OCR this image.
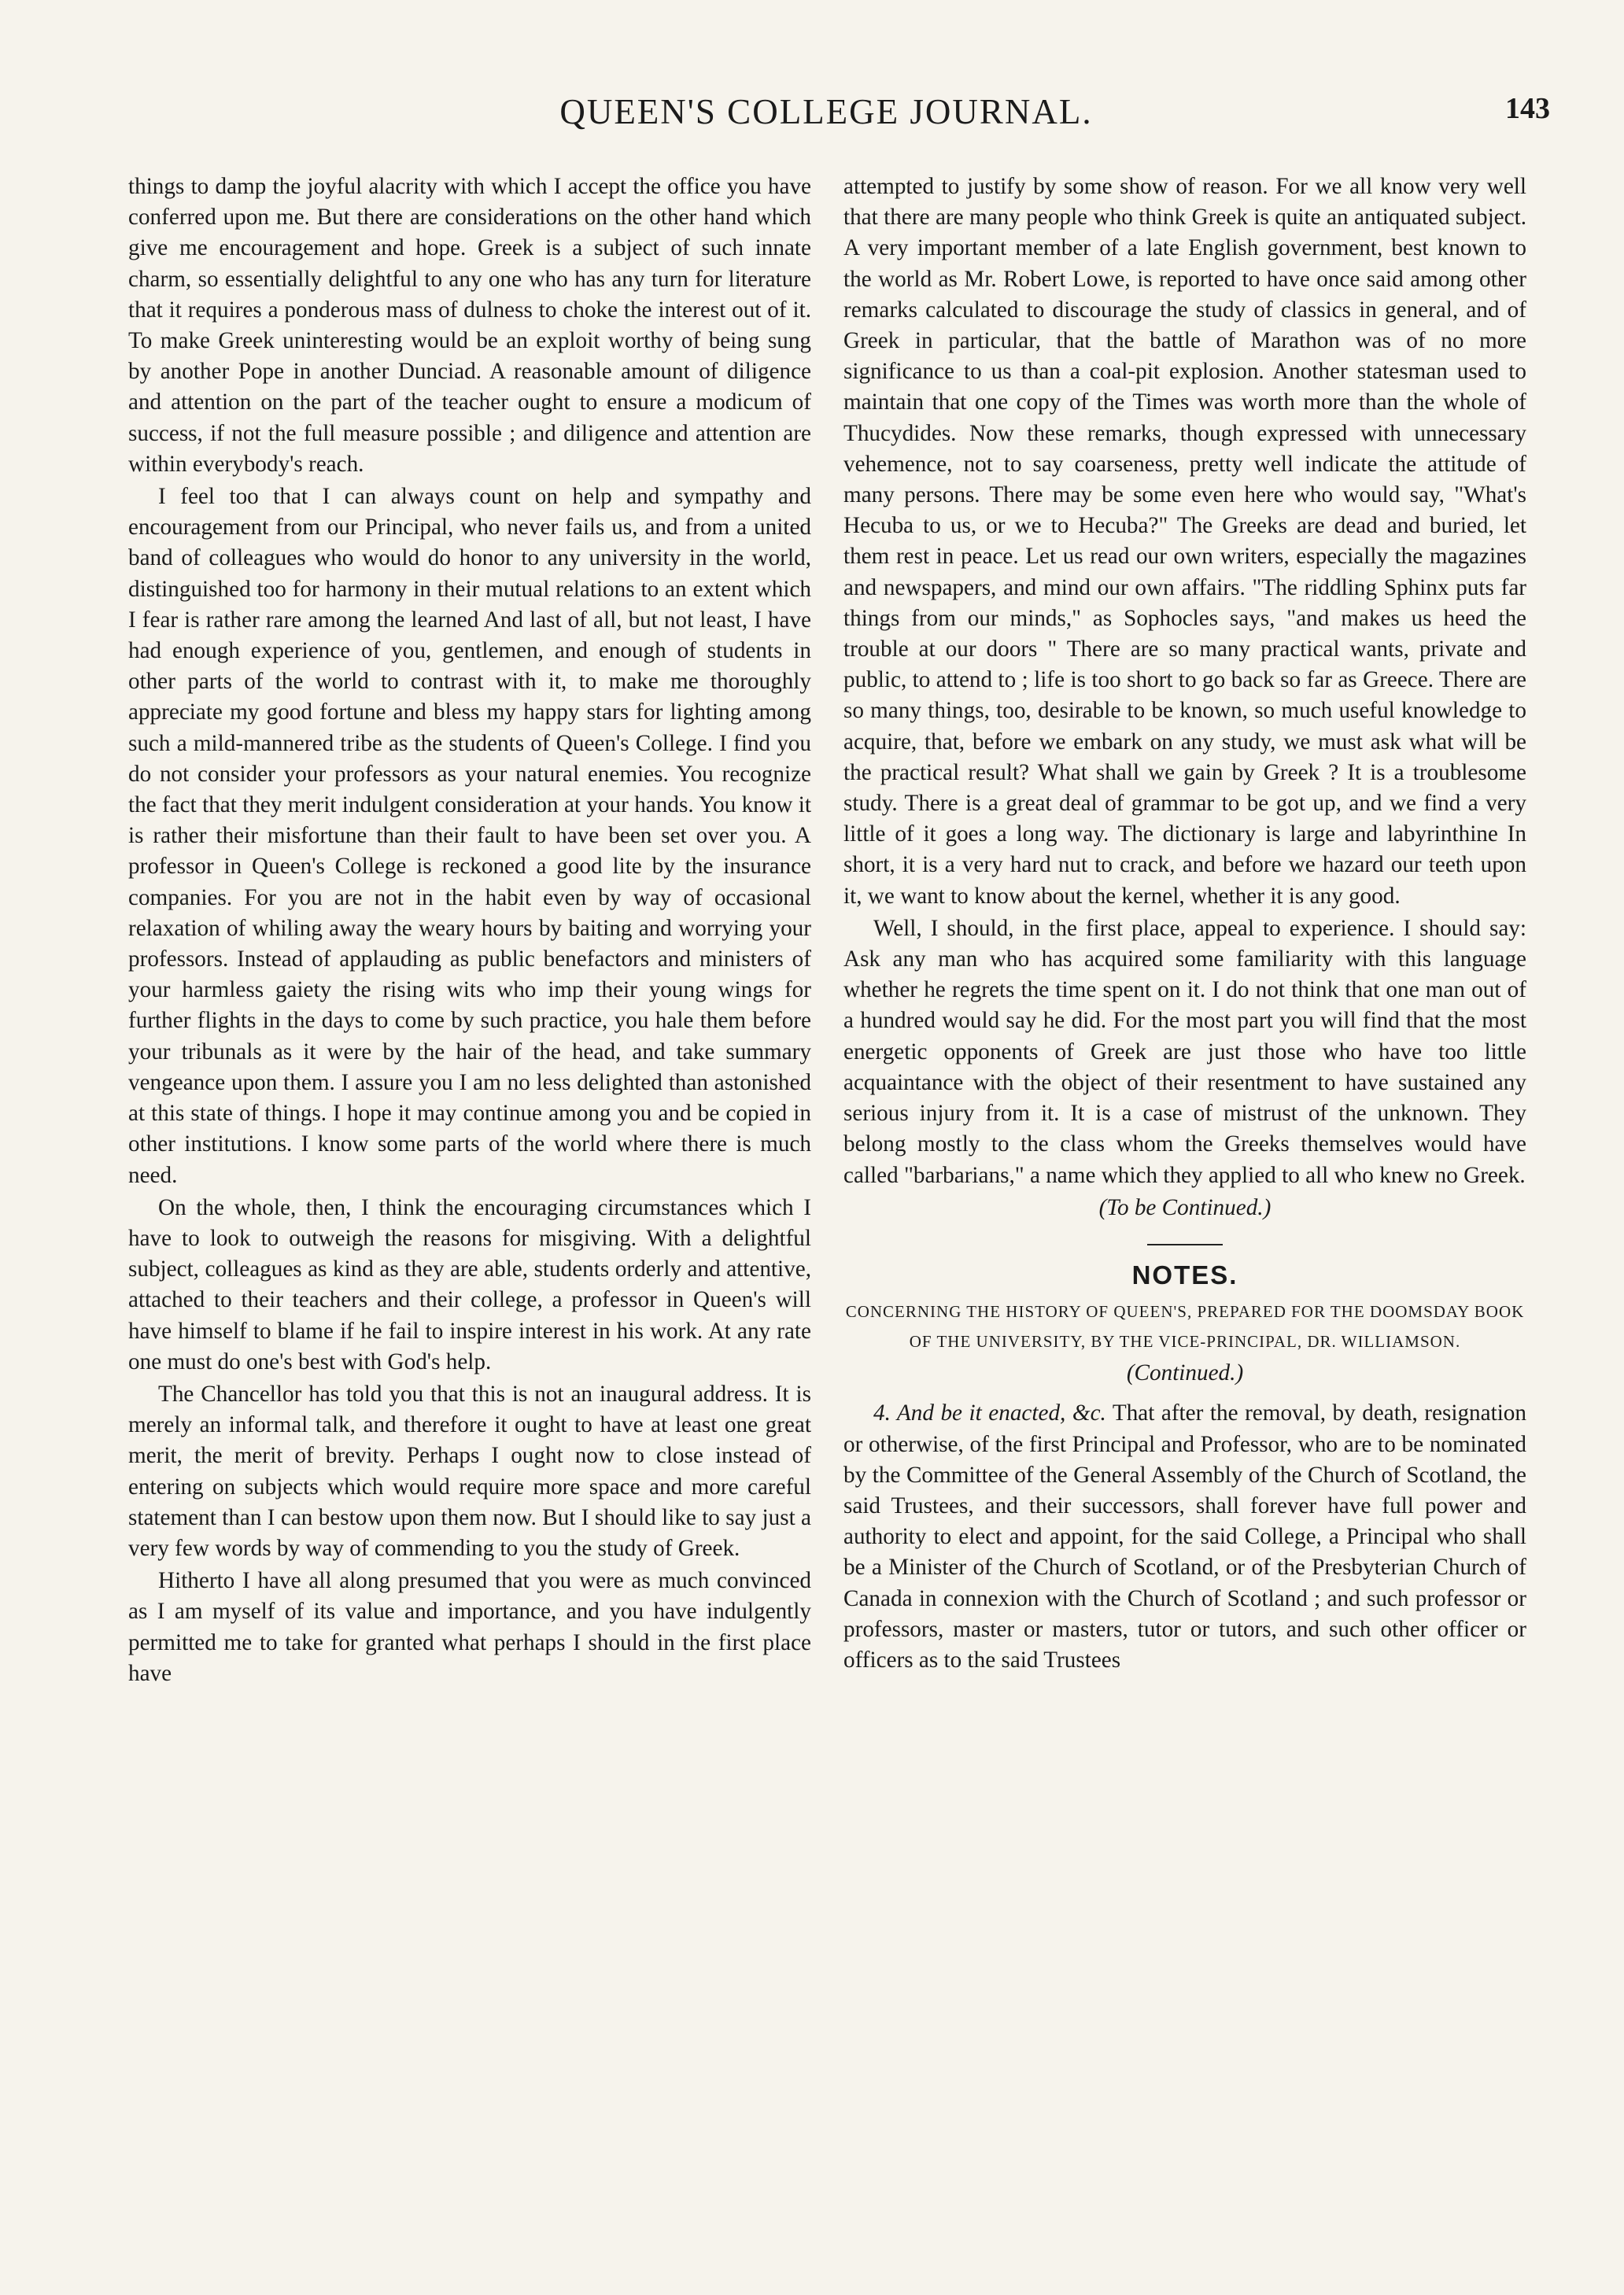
QUEEN'S COLLEGE JOURNAL.	143

things to damp the joyful alacrity with which I accept the office you have conferred upon me. But there are considerations on the other hand which give me encouragement and hope. Greek is a subject of such innate charm, so essentially delightful to any one who has any turn for literature that it requires a ponderous mass of dulness to choke the interest out of it. To make Greek uninteresting would be an exploit worthy of being sung by another Pope in another Dunciad. A reasonable amount of diligence and attention on the part of the teacher ought to ensure a modicum of success, if not the full measure possible ; and diligence and attention are within everybody's reach.

I feel too that I can always count on help and sympathy and encouragement from our Principal, who never fails us, and from a united band of colleagues who would do honor to any university in the world, distinguished too for harmony in their mutual relations to an extent which I fear is rather rare among the learned And last of all, but not least, I have had enough experience of you, gentlemen, and enough of students in other parts of the world to contrast with it, to make me thoroughly appreciate my good fortune and bless my happy stars for lighting among such a mild-mannered tribe as the students of Queen's College. I find you do not consider your professors as your natural enemies. You recognize the fact that they merit indulgent consideration at your hands. You know it is rather their misfortune than their fault to have been set over you. A professor in Queen's College is reckoned a good lite by the insurance companies. For you are not in the habit even by way of occasional relaxation of whiling away the weary hours by baiting and worrying your professors. Instead of applauding as public benefactors and ministers of your harmless gaiety the rising wits who imp their young wings for further flights in the days to come by such practice, you hale them before your tribunals as it were by the hair of the head, and take summary vengeance upon them. I assure you I am no less delighted than astonished at this state of things. I hope it may continue among you and be copied in other institutions. I know some parts of the world where there is much need.

On the whole, then, I think the encouraging circumstances which I have to look to outweigh the reasons for misgiving. With a delightful subject, colleagues as kind as they are able, students orderly and attentive, attached to their teachers and their college, a professor in Queen's will have himself to blame if he fail to inspire interest in his work. At any rate one must do one's best with God's help.

The Chancellor has told you that this is not an inaugural address. It is merely an informal talk, and therefore it ought to have at least one great merit, the merit of brevity. Perhaps I ought now to close instead of entering on subjects which would require more space and more careful statement than I can bestow upon them now. But I should like to say just a very few words by way of commending to you the study of Greek.

Hitherto I have all along presumed that you were as much convinced as I am myself of its value and importance, and you have indulgently permitted me to take for granted what perhaps I should in the first place have

attempted to justify by some show of reason. For we all know very well that there are many people who think Greek is quite an antiquated subject. A very important member of a late English government, best known to the world as Mr. Robert Lowe, is reported to have once said among other remarks calculated to discourage the study of classics in general, and of Greek in particular, that the battle of Marathon was of no more significance to us than a coal-pit explosion. Another statesman used to maintain that one copy of the Times was worth more than the whole of Thucydides. Now these remarks, though expressed with unnecessary vehemence, not to say coarseness, pretty well indicate the attitude of many persons. There may be some even here who would say, "What's Hecuba to us, or we to Hecuba?" The Greeks are dead and buried, let them rest in peace. Let us read our own writers, especially the magazines and newspapers, and mind our own affairs. "The riddling Sphinx puts far things from our minds," as Sophocles says, "and makes us heed the trouble at our doors " There are so many practical wants, private and public, to attend to ; life is too short to go back so far as Greece. There are so many things, too, desirable to be known, so much useful knowledge to acquire, that, before we embark on any study, we must ask what will be the practical result? What shall we gain by Greek ? It is a troublesome study. There is a great deal of grammar to be got up, and we find a very little of it goes a long way. The dictionary is large and labyrinthine In short, it is a very hard nut to crack, and before we hazard our teeth upon it, we want to know about the kernel, whether it is any good.

Well, I should, in the first place, appeal to experience. I should say: Ask any man who has acquired some familiarity with this language whether he regrets the time spent on it. I do not think that one man out of a hundred would say he did. For the most part you will find that the most energetic opponents of Greek are just those who have too little acquaintance with the object of their resentment to have sustained any serious injury from it. It is a case of mistrust of the unknown. They belong mostly to the class whom the Greeks themselves would have called "barbarians," a name which they applied to all who knew no Greek.

(To be Continued.)

NOTES.
CONCERNING THE HISTORY OF QUEEN'S, PREPARED FOR THE DOOMSDAY BOOK OF THE UNIVERSITY, BY THE VICE-PRINCIPAL, DR. WILLIAMSON.
(Continued.)

4. And be it enacted, &c. That after the removal, by death, resignation or otherwise, of the first Principal and Professor, who are to be nominated by the Committee of the General Assembly of the Church of Scotland, the said Trustees, and their successors, shall forever have full power and authority to elect and appoint, for the said College, a Principal who shall be a Minister of the Church of Scotland, or of the Presbyterian Church of Canada in connexion with the Church of Scotland ; and such professor or professors, master or masters, tutor or tutors, and such other officer or officers as to the said Trustees
